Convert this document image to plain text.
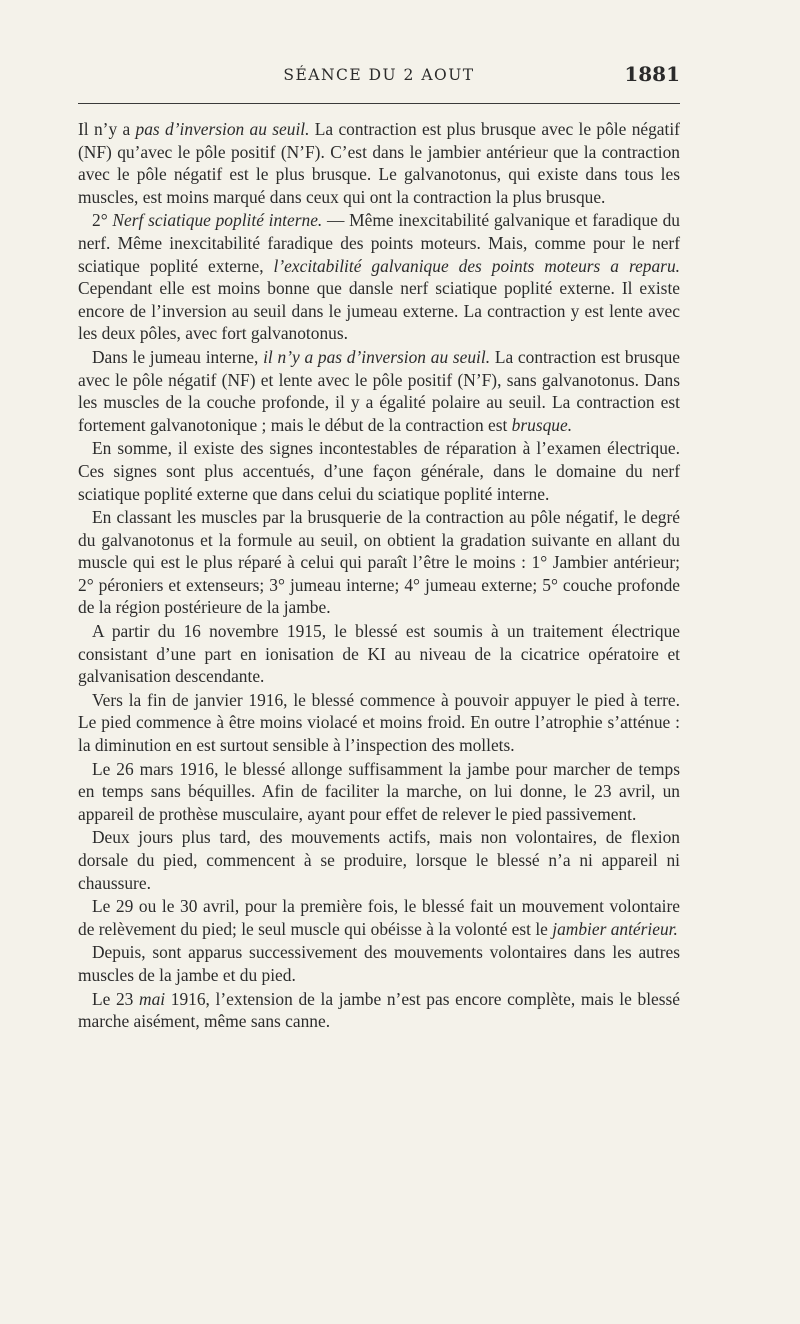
SÉANCE DU 2 AOUT	1881

Il n’y a pas d’inversion au seuil. La contraction est plus brusque avec le pôle négatif (NF) qu’avec le pôle positif (N’F). C’est dans le jambier antérieur que la contraction avec le pôle négatif est le plus brusque. Le galvanotonus, qui existe dans tous les muscles, est moins marqué dans ceux qui ont la contraction la plus brusque.

2° Nerf sciatique poplité interne. — Même inexcitabilité galvanique et faradique du nerf. Même inexcitabilité faradique des points moteurs. Mais, comme pour le nerf sciatique poplité externe, l’excitabilité galvanique des points moteurs a reparu. Cependant elle est moins bonne que dansle nerf sciatique poplité externe. Il existe encore de l’inversion au seuil dans le jumeau externe. La contraction y est lente avec les deux pôles, avec fort galvanotonus.

Dans le jumeau interne, il n’y a pas d’inversion au seuil. La contraction est brusque avec le pôle négatif (NF) et lente avec le pôle positif (N’F), sans galvanotonus. Dans les muscles de la couche profonde, il y a égalité polaire au seuil. La contraction est fortement galvanotonique ; mais le début de la contraction est brusque.

En somme, il existe des signes incontestables de réparation à l’examen électrique. Ces signes sont plus accentués, d’une façon générale, dans le domaine du nerf sciatique poplité externe que dans celui du sciatique poplité interne.

En classant les muscles par la brusquerie de la contraction au pôle négatif, le degré du galvanotonus et la formule au seuil, on obtient la gradation suivante en allant du muscle qui est le plus réparé à celui qui paraît l’être le moins : 1° Jambier antérieur; 2° péroniers et extenseurs; 3° jumeau interne; 4° jumeau externe; 5° couche profonde de la région postérieure de la jambe.

A partir du 16 novembre 1915, le blessé est soumis à un traitement électrique consistant d’une part en ionisation de KI au niveau de la cicatrice opératoire et galvanisation descendante.

Vers la fin de janvier 1916, le blessé commence à pouvoir appuyer le pied à terre. Le pied commence à être moins violacé et moins froid. En outre l’atrophie s’atténue : la diminution en est surtout sensible à l’inspection des mollets.

Le 26 mars 1916, le blessé allonge suffisamment la jambe pour marcher de temps en temps sans béquilles. Afin de faciliter la marche, on lui donne, le 23 avril, un appareil de prothèse musculaire, ayant pour effet de relever le pied passivement.

Deux jours plus tard, des mouvements actifs, mais non volontaires, de flexion dorsale du pied, commencent à se produire, lorsque le blessé n’a ni appareil ni chaussure.

Le 29 ou le 30 avril, pour la première fois, le blessé fait un mouvement volontaire de relèvement du pied; le seul muscle qui obéisse à la volonté est le jambier antérieur.

Depuis, sont apparus successivement des mouvements volontaires dans les autres muscles de la jambe et du pied.

Le 23 mai 1916, l’extension de la jambe n’est pas encore complète, mais le blessé marche aisément, même sans canne.
